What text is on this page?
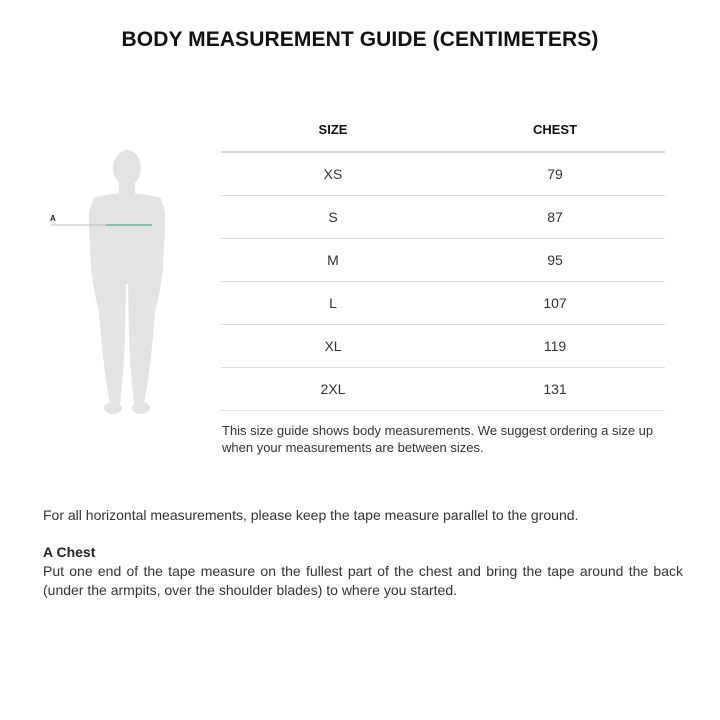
BODY MEASUREMENT GUIDE (CENTIMETERS)
A
SIZE	CHEST
XS	79
S	87
M	95
L	107
XL	119
2XL	131
This size guide shows body measurements. We suggest ordering a size up when your measurements are between sizes.

For all horizontal measurements, please keep the tape measure parallel to the ground.

A Chest

Put one end of the tape measure on the fullest part of the chest and bring the tape around the back (under the armpits, over the shoulder blades) to where you started.
